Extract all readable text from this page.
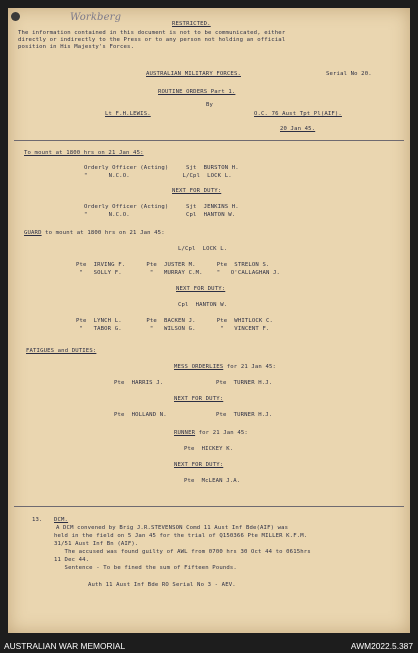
Workberg
RESTRICTED.
The information contained in this document is not to be communicated, either
directly or indirectly to the Press or to any person not holding an official
position in His Majesty's Forces.
AUSTRALIAN MILITARY FORCES.	Serial No 20.
ROUTINE ORDERS Part 1.
By
Lt F.H.LEWIS.	O.C. 76 Aust Tpt Pl(AIF).
20 Jan 45.
To mount at 1800 hrs on 21 Jan 45:
Orderly Officer (Acting)     Sjt  BURSTON H.
"      N.C.O.               L/Cpl  LOCK L.
NEXT FOR DUTY:
Orderly Officer (Acting)     Sjt  JENKINS H.
"      N.C.O.                Cpl  HANTON W.
GUARD to mount at 1800 hrs on 21 Jan 45:
L/Cpl  LOCK L.
Pte  IRVING F.      Pte  JUSTER M.      Pte  STRELON S.
"   SOLLY F.        "   MURRAY C.M.    "   O'CALLAGHAN J.
NEXT FOR DUTY:
Cpl  HANTON W.
Pte  LYNCH L.       Pte  BACKEN J.      Pte  WHITLOCK C.
"   TABOR G.        "   WILSON G.       "   VINCENT F.
FATIGUES and DUTIES:
MESS ORDERLIES for 21 Jan 45:
Pte  HARRIS J.               Pte  TURNER H.J.
NEXT FOR DUTY:
Pte  HOLLAND N.              Pte  TURNER H.J.
RUNNER for 21 Jan 45:
Pte  HICKEY K.
NEXT FOR DUTY:
Pte  McLEAN J.A.
13. DCM.
A DCM convened by Brig J.R.STEVENSON Comd 11 Aust Inf Bde(AIF) was
held in the field on 5 Jan 45 for the trial of Q150366 Pte MILLER K.F.M.
31/51 Aust Inf Bn (AIF).
The accused was found guilty of AWL from 0700 hrs 30 Oct 44 to 0615hrs
11 Dec 44.
Sentence - To be fined the sum of Fifteen Pounds.
Auth 11 Aust Inf Bde RO Serial No 3 - AEV.
AUSTRALIAN WAR MEMORIAL	AWM2022.5.387
